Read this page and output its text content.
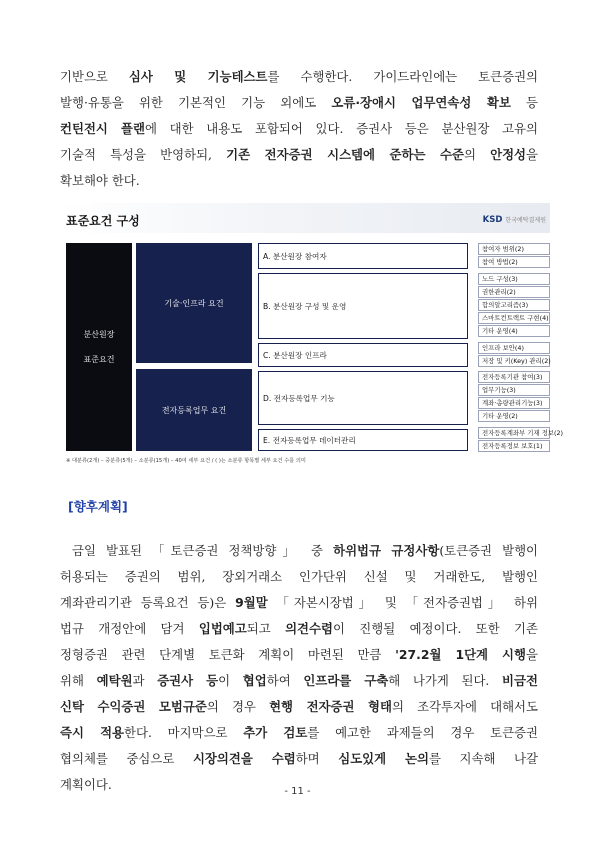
기반으로 심사 및 기능테스트를 수행한다. 가이드라인에는 토큰증권의
발행·유통을 위한 기본적인 기능 외에도 오류·장애시 업무연속성 확보 등
컨틴전시 플랜에 대한 내용도 포함되어 있다. 증권사 등은 분산원장 고유의
기술적 특성을 반영하되, 기존 전자증권 시스템에 준하는 수준의 안정성을
확보해야 한다.
표준요건 구성	KSD 한국예탁결제원
분산원장
표준요건
기술·인프라 요건
전자등록업무 요건
A. 분산원장 참여자
B. 분산원장 구성 및 운영
C. 분산원장 인프라
D. 전자등록업무 기능
E. 전자등록업무 데이터관리
참여자 범위(2)
참여 방법(2)
노드 구성(3)
권한관리(2)
합의알고리즘(3)
스마트컨트랙트 구현(4)
기타 운영(4)
인프라 보안(4)
저장 및 키(Key) 관리(2)
전자등록기관 참여(3)
업무기능(3)
계좌·총량관리기능(3)
기타 운영(2)
전자등록계좌부 기재 정보(2)
전자등록정보 보호(1)
※ 대분류(2개) – 중분류(5개) – 소분류(15개) – 40여 세부 요건 / ( )는 소분류 항목별 세부 요건 수를 의미
[향후계획]
금일 발표된 「토큰증권 정책방향」 중 하위법규 규정사항(토큰증권 발행이
허용되는 증권의 범위, 장외거래소 인가단위 신설 및 거래한도, 발행인
계좌관리기관 등록요건 등)은 9월말 「자본시장법」 및 「전자증권법」 하위
법규 개정안에 담겨 입법예고되고 의견수렴이 진행될 예정이다. 또한 기존
정형증권 관련 단계별 토큰화 계획이 마련된 만큼 '27.2월 1단계 시행을
위해 예탁원과 증권사 등이 협업하여 인프라를 구축해 나가게 된다. 비금전
신탁 수익증권 모범규준의 경우 현행 전자증권 형태의 조각투자에 대해서도
즉시 적용한다. 마지막으로 추가 검토를 예고한 과제들의 경우 토큰증권
협의체를 중심으로 시장의견을 수렴하며 심도있게 논의를 지속해 나갈
계획이다.	- 11 -
